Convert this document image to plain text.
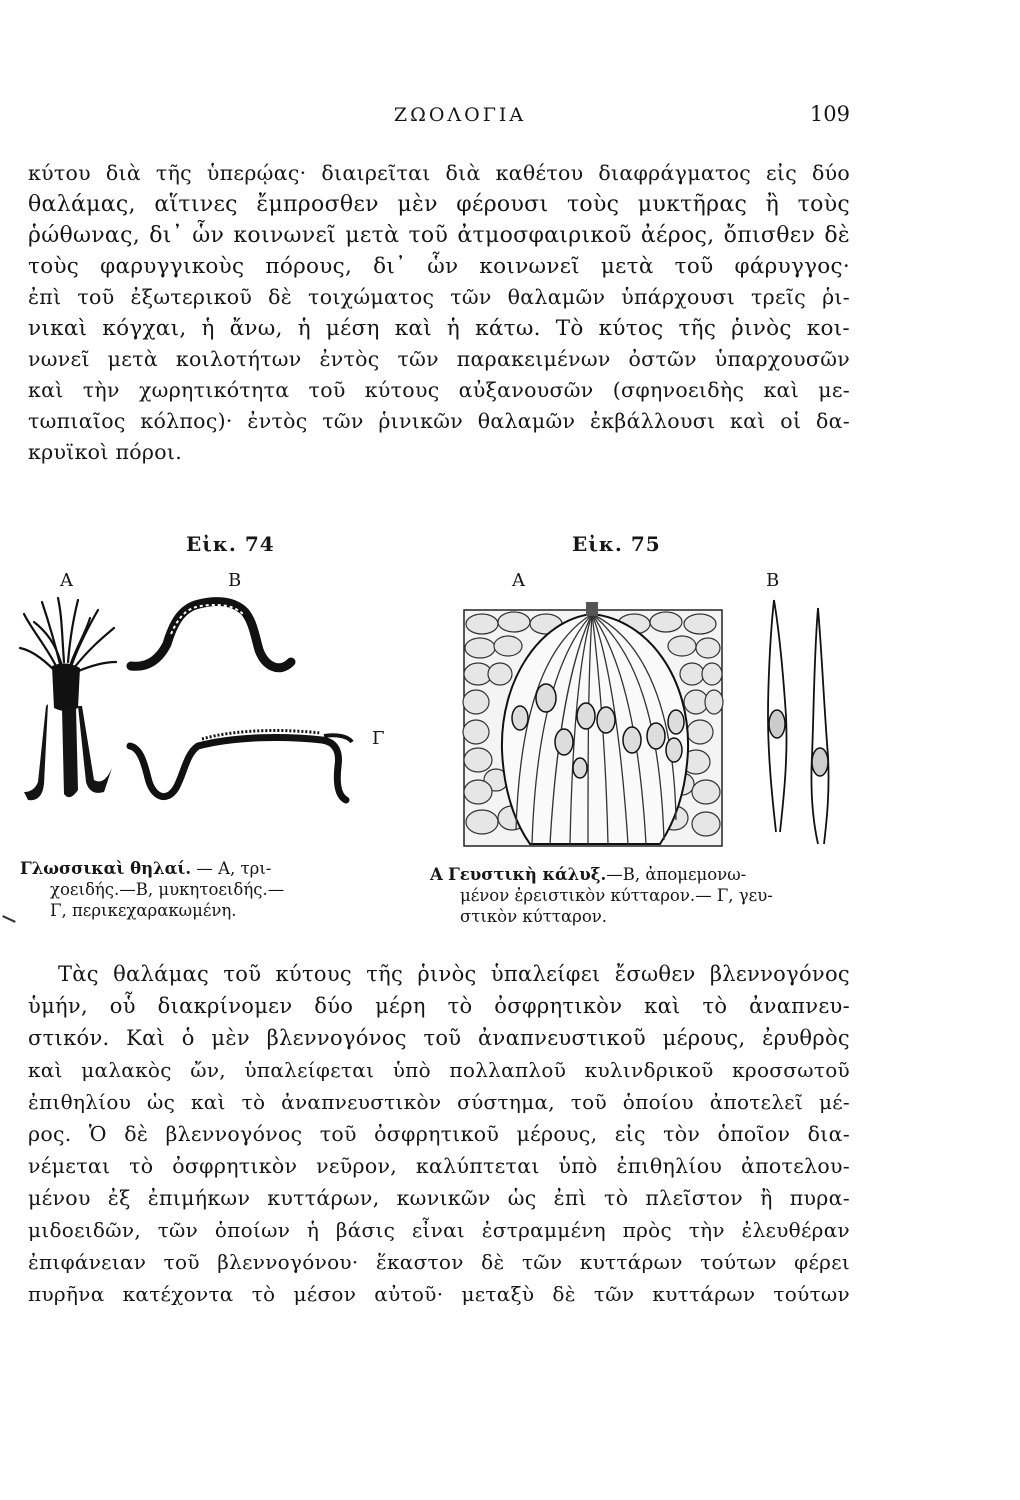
ΖΩΟΛΟΓΙΑ	109
κύτου διὰ τῆς ὑπερῴας· διαιρεῖται διὰ καθέτου διαφράγματος εἰς δύο
θαλάμας, αἵτινες ἔμπροσθεν μὲν φέρουσι τοὺς μυκτῆρας ἢ τοὺς
ῥώθωνας, δι᾽ ὧν κοινωνεῖ μετὰ τοῦ ἀτμοσφαιρικοῦ ἀέρος, ὄπισθεν δὲ
τοὺς φαρυγγικοὺς πόρους, δι᾽ ὧν κοινωνεῖ μετὰ τοῦ φάρυγγος·
ἐπὶ τοῦ ἐξωτερικοῦ δὲ τοιχώματος τῶν θαλαμῶν ὑπάρχουσι τρεῖς ῥι-
νικαὶ κόγχαι, ἡ ἄνω, ἡ μέση καὶ ἡ κάτω. Τὸ κύτος τῆς ῥινὸς κοι-
νωνεῖ μετὰ κοιλοτήτων ἐντὸς τῶν παρακειμένων ὀστῶν ὑπαρχουσῶν
καὶ τὴν χωρητικότητα τοῦ κύτους αὐξανουσῶν (σφηνοειδὴς καὶ με-
τωπιαῖος κόλπος)· ἐντὸς τῶν ῥινικῶν θαλαμῶν ἐκβάλλουσι καὶ οἱ δα-
κρυϊκοὶ πόροι.
Εἰκ. 74
Α	Β
Γ
Γλωσσικαὶ θηλαί. — Α, τρι-
χοειδής.—Β, μυκητοειδής.—
Γ, περικεχαρακωμένη.
Εἰκ. 75
Α	Β
Α Γευστικὴ κάλυξ.—Β, ἀπομεμονω-
μένον ἐρειστικὸν κύτταρον.— Γ, γευ-
στικὸν κύτταρον.
Τὰς θαλάμας τοῦ κύτους τῆς ῥινὸς ὑπαλείφει ἔσωθεν βλεννογόνος
ὑμήν, οὗ διακρίνομεν δύο μέρη τὸ ὀσφρητικὸν καὶ τὸ ἀναπνευ-
στικόν. Καὶ ὁ μὲν βλεννογόνος τοῦ ἀναπνευστικοῦ μέρους, ἐρυθρὸς
καὶ μαλακὸς ὤν, ὑπαλείφεται ὑπὸ πολλαπλοῦ κυλινδρικοῦ κροσσωτοῦ
ἐπιθηλίου ὡς καὶ τὸ ἀναπνευστικὸν σύστημα, τοῦ ὁποίου ἀποτελεῖ μέ-
ρος. Ὁ δὲ βλεννογόνος τοῦ ὀσφρητικοῦ μέρους, εἰς τὸν ὁποῖον δια-
νέμεται τὸ ὀσφρητικὸν νεῦρον, καλύπτεται ὑπὸ ἐπιθηλίου ἀποτελου-
μένου ἐξ ἐπιμήκων κυττάρων, κωνικῶν ὡς ἐπὶ τὸ πλεῖστον ἢ πυρα-
μιδοειδῶν, τῶν ὁποίων ἡ βάσις εἶναι ἐστραμμένη πρὸς τὴν ἐλευθέραν
ἐπιφάνειαν τοῦ βλεννογόνου· ἕκαστον δὲ τῶν κυττάρων τούτων φέρει
πυρῆνα κατέχοντα τὸ μέσον αὐτοῦ· μεταξὺ δὲ τῶν κυττάρων τούτων
